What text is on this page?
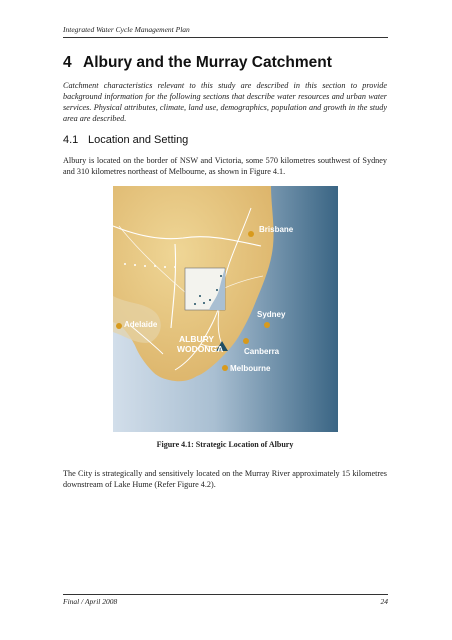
Integrated Water Cycle Management Plan
4 Albury and the Murray Catchment
Catchment characteristics relevant to this study are described in this section to provide background information for the following sections that describe water resources and urban water services. Physical attributes, climate, land use, demographics, population and growth in the study area are described.
4.1 Location and Setting
Albury is located on the border of NSW and Victoria, some 570 kilometres southwest of Sydney and 310 kilometres northeast of Melbourne, as shown in Figure 4.1.
Brisbane
Sydney
Canberra
Adelaide
Melbourne
ALBURY
WODONGA
Figure 4.1: Strategic Location of Albury
The City is strategically and sensitively located on the Murray River approximately 15 kilometres downstream of Lake Hume (Refer Figure 4.2).
Final / April 2008	24
